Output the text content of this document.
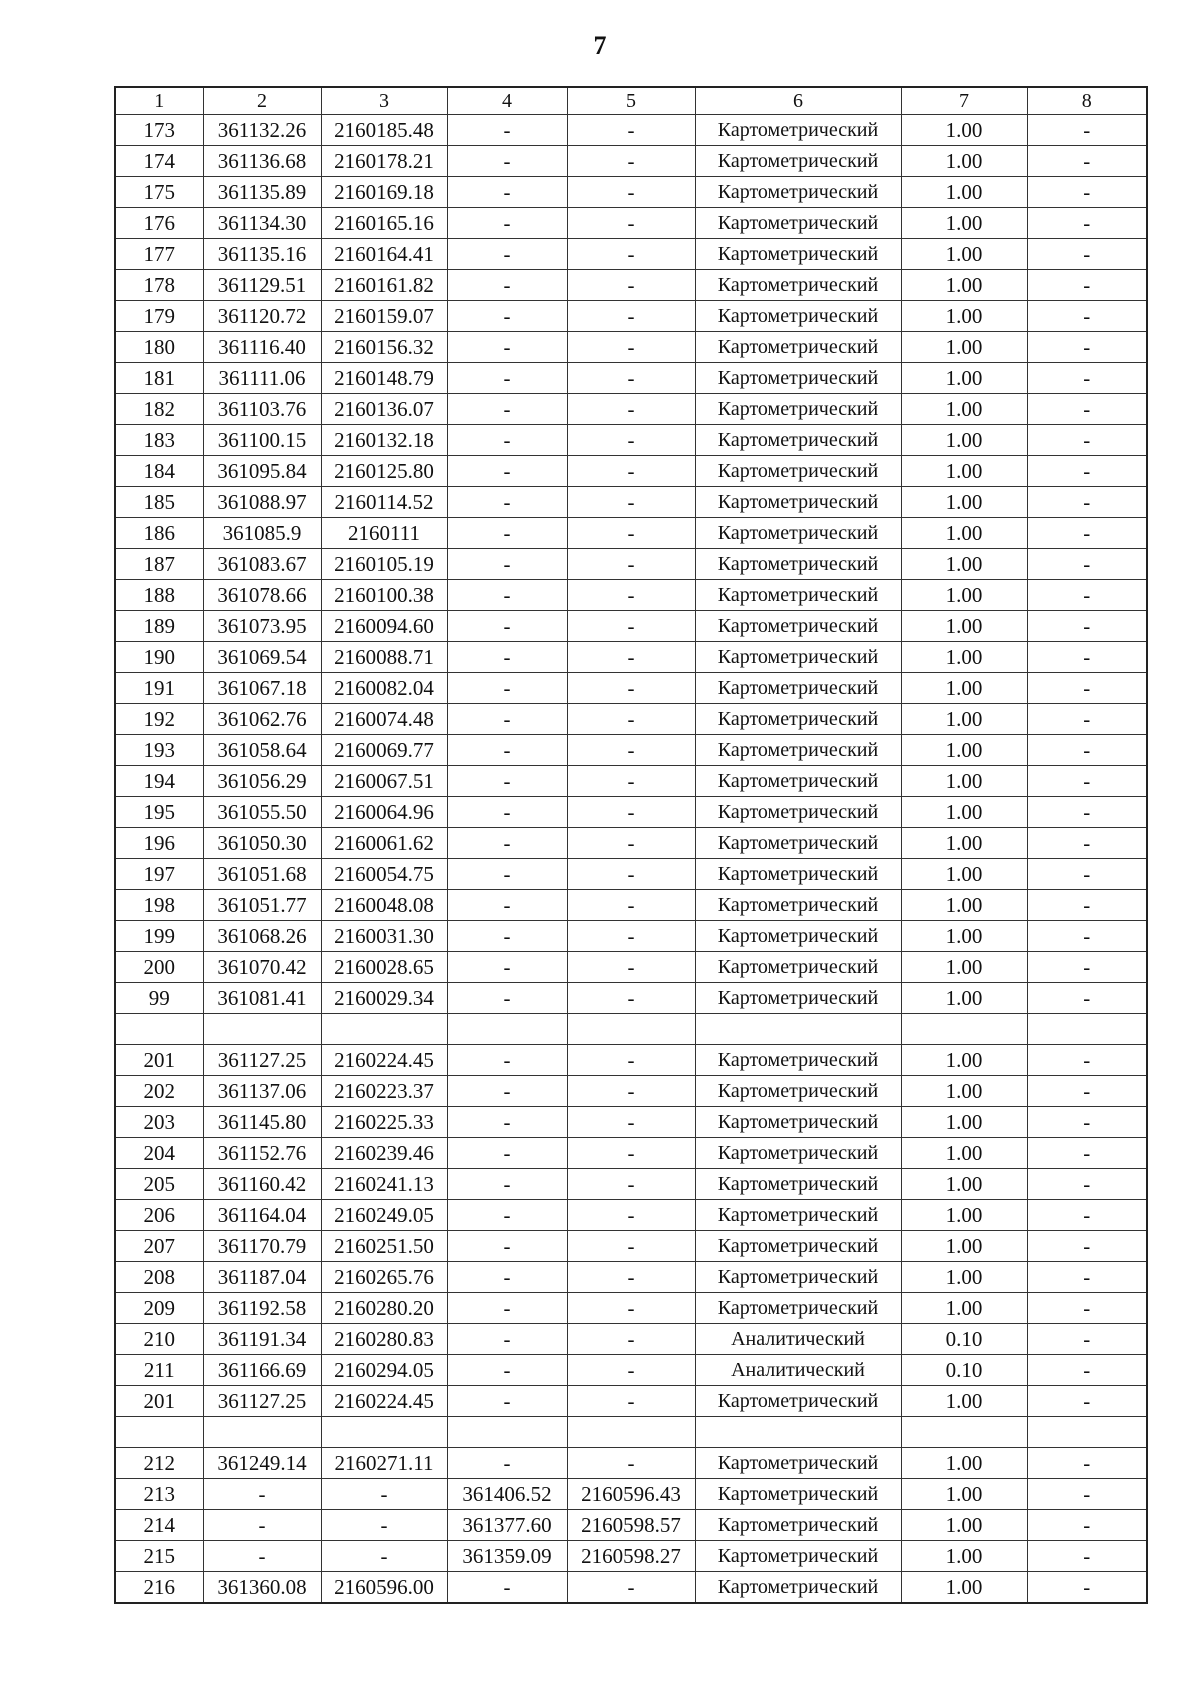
7
1	2	3	4	5	6	7	8
173	361132.26	2160185.48	-	-	Картометрический	1.00	-
174	361136.68	2160178.21	-	-	Картометрический	1.00	-
175	361135.89	2160169.18	-	-	Картометрический	1.00	-
176	361134.30	2160165.16	-	-	Картометрический	1.00	-
177	361135.16	2160164.41	-	-	Картометрический	1.00	-
178	361129.51	2160161.82	-	-	Картометрический	1.00	-
179	361120.72	2160159.07	-	-	Картометрический	1.00	-
180	361116.40	2160156.32	-	-	Картометрический	1.00	-
181	361111.06	2160148.79	-	-	Картометрический	1.00	-
182	361103.76	2160136.07	-	-	Картометрический	1.00	-
183	361100.15	2160132.18	-	-	Картометрический	1.00	-
184	361095.84	2160125.80	-	-	Картометрический	1.00	-
185	361088.97	2160114.52	-	-	Картометрический	1.00	-
186	361085.9	2160111	-	-	Картометрический	1.00	-
187	361083.67	2160105.19	-	-	Картометрический	1.00	-
188	361078.66	2160100.38	-	-	Картометрический	1.00	-
189	361073.95	2160094.60	-	-	Картометрический	1.00	-
190	361069.54	2160088.71	-	-	Картометрический	1.00	-
191	361067.18	2160082.04	-	-	Картометрический	1.00	-
192	361062.76	2160074.48	-	-	Картометрический	1.00	-
193	361058.64	2160069.77	-	-	Картометрический	1.00	-
194	361056.29	2160067.51	-	-	Картометрический	1.00	-
195	361055.50	2160064.96	-	-	Картометрический	1.00	-
196	361050.30	2160061.62	-	-	Картометрический	1.00	-
197	361051.68	2160054.75	-	-	Картометрический	1.00	-
198	361051.77	2160048.08	-	-	Картометрический	1.00	-
199	361068.26	2160031.30	-	-	Картометрический	1.00	-
200	361070.42	2160028.65	-	-	Картометрический	1.00	-
99	361081.41	2160029.34	-	-	Картометрический	1.00	-

201	361127.25	2160224.45	-	-	Картометрический	1.00	-
202	361137.06	2160223.37	-	-	Картометрический	1.00	-
203	361145.80	2160225.33	-	-	Картометрический	1.00	-
204	361152.76	2160239.46	-	-	Картометрический	1.00	-
205	361160.42	2160241.13	-	-	Картометрический	1.00	-
206	361164.04	2160249.05	-	-	Картометрический	1.00	-
207	361170.79	2160251.50	-	-	Картометрический	1.00	-
208	361187.04	2160265.76	-	-	Картометрический	1.00	-
209	361192.58	2160280.20	-	-	Картометрический	1.00	-
210	361191.34	2160280.83	-	-	Аналитический	0.10	-
211	361166.69	2160294.05	-	-	Аналитический	0.10	-
201	361127.25	2160224.45	-	-	Картометрический	1.00	-

212	361249.14	2160271.11	-	-	Картометрический	1.00	-
213	-	-	361406.52	2160596.43	Картометрический	1.00	-
214	-	-	361377.60	2160598.57	Картометрический	1.00	-
215	-	-	361359.09	2160598.27	Картометрический	1.00	-
216	361360.08	2160596.00	-	-	Картометрический	1.00	-
